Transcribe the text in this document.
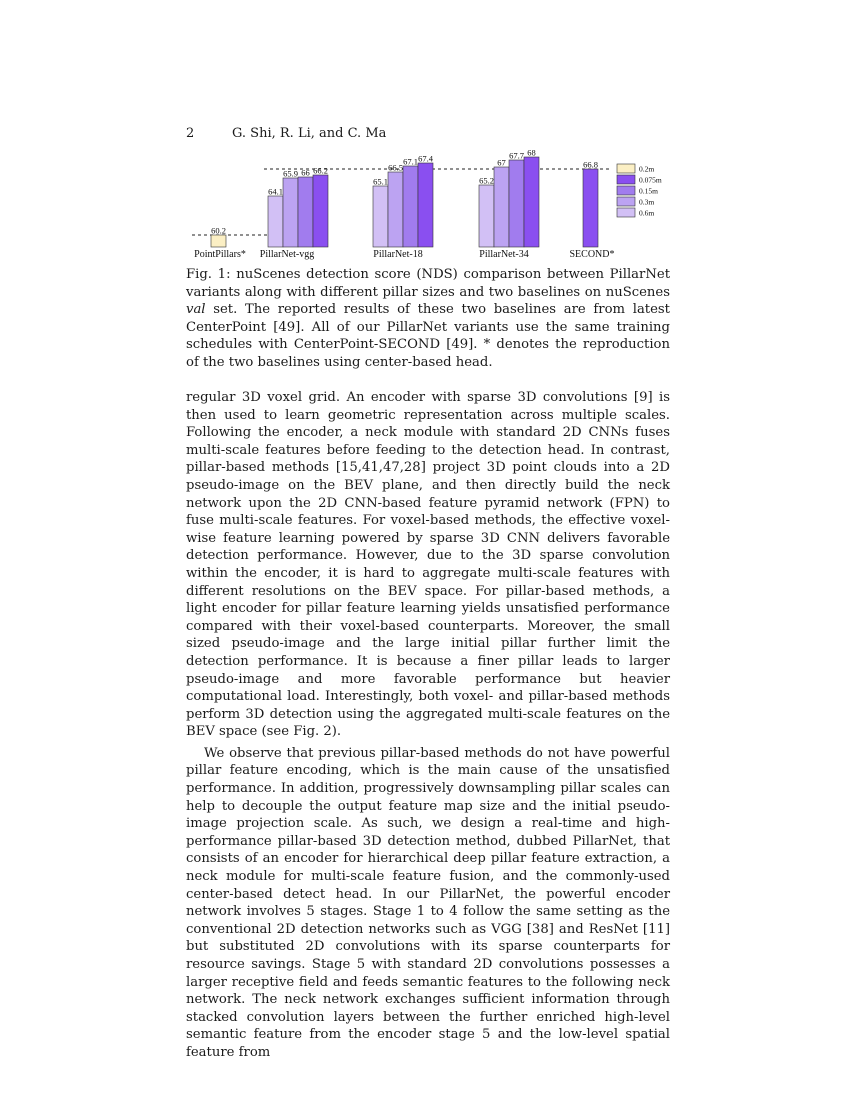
2	G. Shi, R. Li, and C. Ma
60.2
PointPillars*
64.1
65.9 66 66.2
PillarNet-vgg
65.1
66.5
67.1 67.4
PillarNet-18
65.2
67
67.7 68
PillarNet-34
66.8
SECOND*
0.2m
0.075m
0.15m
0.3m
0.6m
Fig. 1: nuScenes detection score (NDS) comparison between PillarNet variants along with different pillar sizes and two baselines on nuScenes val set. The reported results of these two baselines are from latest CenterPoint [49]. All of our PillarNet variants use the same training schedules with CenterPoint-SECOND [49]. * denotes the reproduction of the two baselines using center-based head.

regular 3D voxel grid. An encoder with sparse 3D convolutions [9] is then used to learn geometric representation across multiple scales. Following the encoder, a neck module with standard 2D CNNs fuses multi-scale features before feeding to the detection head. In contrast, pillar-based methods [15,41,47,28] project 3D point clouds into a 2D pseudo-image on the BEV plane, and then directly build the neck network upon the 2D CNN-based feature pyramid network (FPN) to fuse multi-scale features. For voxel-based methods, the effective voxel-wise feature learning powered by sparse 3D CNN delivers favorable detection performance. However, due to the 3D sparse convolution within the encoder, it is hard to aggregate multi-scale features with different resolutions on the BEV space. For pillar-based methods, a light encoder for pillar feature learning yields unsatisfied performance compared with their voxel-based counterparts. Moreover, the small sized pseudo-image and the large initial pillar further limit the detection performance. It is because a finer pillar leads to larger pseudo-image and more favorable performance but heavier computational load. Interestingly, both voxel- and pillar-based methods perform 3D detection using the aggregated multi-scale features on the BEV space (see Fig. 2).

We observe that previous pillar-based methods do not have powerful pillar feature encoding, which is the main cause of the unsatisfied performance. In addition, progressively downsampling pillar scales can help to decouple the output feature map size and the initial pseudo-image projection scale. As such, we design a real-time and high-performance pillar-based 3D detection method, dubbed PillarNet, that consists of an encoder for hierarchical deep pillar feature extraction, a neck module for multi-scale feature fusion, and the commonly-used center-based detect head. In our PillarNet, the powerful encoder network involves 5 stages. Stage 1 to 4 follow the same setting as the conventional 2D detection networks such as VGG [38] and ResNet [11] but substituted 2D convolutions with its sparse counterparts for resource savings. Stage 5 with standard 2D convolutions possesses a larger receptive field and feeds semantic features to the following neck network. The neck network exchanges sufficient information through stacked convolution layers between the further enriched high-level semantic feature from the encoder stage 5 and the low-level spatial feature from
